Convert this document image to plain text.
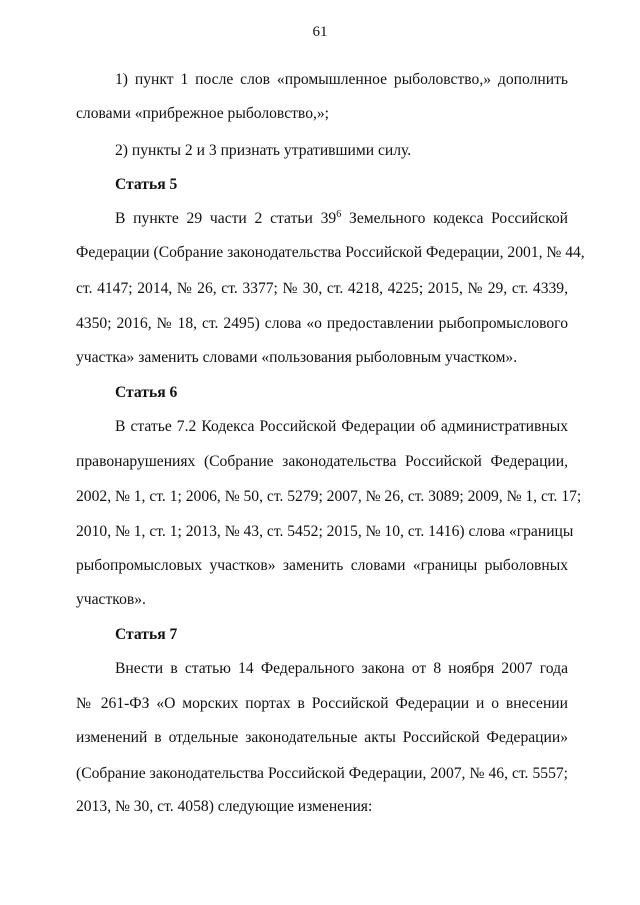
61
1) пункт 1 после слов «промышленное рыболовство,» дополнить
словами «прибрежное рыболовство,»;
2) пункты 2 и 3 признать утратившими силу.
Статья 5
В пункте 29 части 2 статьи $39^6$ Земельного кодекса Российской
Федерации (Собрание законодательства Российской Федерации, 2001, № 44,
ст. 4147; 2014, № 26, ст. 3377; № 30, ст. 4218, 4225; 2015, № 29, ст. 4339,
4350; 2016, № 18, ст. 2495) слова «о предоставлении рыбопромыслового
участка» заменить словами «пользования рыболовным участком».
Статья 6
В статье 7.2 Кодекса Российской Федерации об административных
правонарушениях (Собрание законодательства Российской Федерации,
2002, № 1, ст. 1; 2006, № 50, ст. 5279; 2007, № 26, ст. 3089; 2009, № 1, ст. 17;
2010, № 1, ст. 1; 2013, № 43, ст. 5452; 2015, № 10, ст. 1416) слова «границы
рыбопромысловых участков» заменить словами «границы рыболовных
участков».
Статья 7
Внести в статью 14 Федерального закона от 8 ноября 2007 года
№ 261-ФЗ «О морских портах в Российской Федерации и о внесении
изменений в отдельные законодательные акты Российской Федерации»
(Собрание законодательства Российской Федерации, 2007, № 46, ст. 5557;
2013, № 30, ст. 4058) следующие изменения:
